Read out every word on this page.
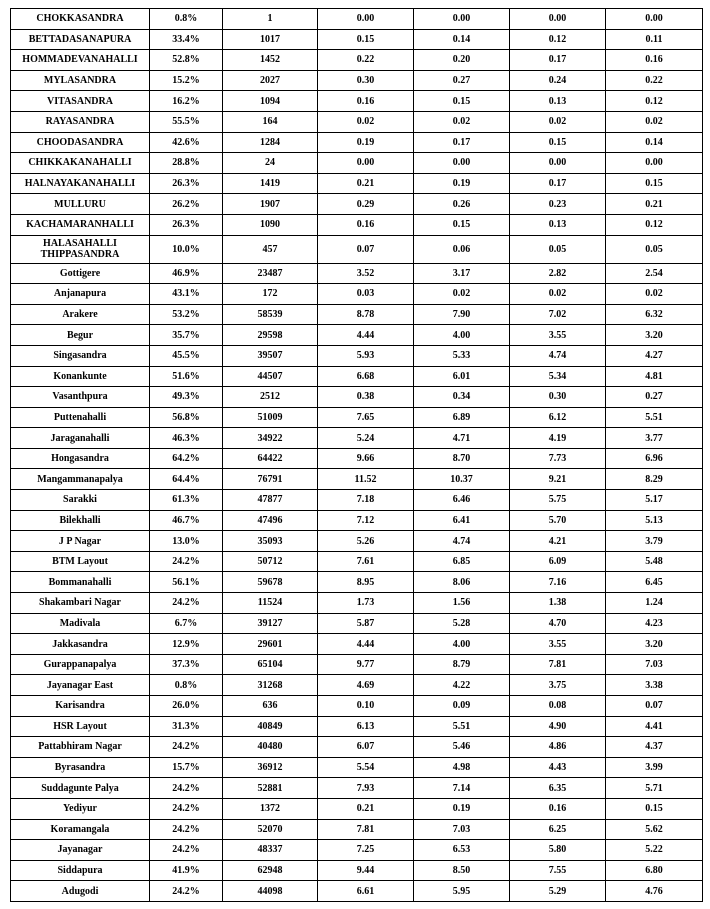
CHOKKASANDRA	0.8%	1	0.00	0.00	0.00	0.00
BETTADASANAPURA	33.4%	1017	0.15	0.14	0.12	0.11
HOMMADEVANAHALLI	52.8%	1452	0.22	0.20	0.17	0.16
MYLASANDRA	15.2%	2027	0.30	0.27	0.24	0.22
VITASANDRA	16.2%	1094	0.16	0.15	0.13	0.12
RAYASANDRA	55.5%	164	0.02	0.02	0.02	0.02
CHOODASANDRA	42.6%	1284	0.19	0.17	0.15	0.14
CHIKKAKANAHALLI	28.8%	24	0.00	0.00	0.00	0.00
HALNAYAKANAHALLI	26.3%	1419	0.21	0.19	0.17	0.15
MULLURU	26.2%	1907	0.29	0.26	0.23	0.21
KACHAMARANHALLI	26.3%	1090	0.16	0.15	0.13	0.12
HALASAHALLI THIPPASANDRA	10.0%	457	0.07	0.06	0.05	0.05
Gottigere	46.9%	23487	3.52	3.17	2.82	2.54
Anjanapura	43.1%	172	0.03	0.02	0.02	0.02
Arakere	53.2%	58539	8.78	7.90	7.02	6.32
Begur	35.7%	29598	4.44	4.00	3.55	3.20
Singasandra	45.5%	39507	5.93	5.33	4.74	4.27
Konankunte	51.6%	44507	6.68	6.01	5.34	4.81
Vasanthpura	49.3%	2512	0.38	0.34	0.30	0.27
Puttenahalli	56.8%	51009	7.65	6.89	6.12	5.51
Jaraganahalli	46.3%	34922	5.24	4.71	4.19	3.77
Hongasandra	64.2%	64422	9.66	8.70	7.73	6.96
Mangammanapalya	64.4%	76791	11.52	10.37	9.21	8.29
Sarakki	61.3%	47877	7.18	6.46	5.75	5.17
Bilekhalli	46.7%	47496	7.12	6.41	5.70	5.13
J P Nagar	13.0%	35093	5.26	4.74	4.21	3.79
BTM Layout	24.2%	50712	7.61	6.85	6.09	5.48
Bommanahalli	56.1%	59678	8.95	8.06	7.16	6.45
Shakambari Nagar	24.2%	11524	1.73	1.56	1.38	1.24
Madivala	6.7%	39127	5.87	5.28	4.70	4.23
Jakkasandra	12.9%	29601	4.44	4.00	3.55	3.20
Gurappanapalya	37.3%	65104	9.77	8.79	7.81	7.03
Jayanagar East	0.8%	31268	4.69	4.22	3.75	3.38
Karisandra	26.0%	636	0.10	0.09	0.08	0.07
HSR Layout	31.3%	40849	6.13	5.51	4.90	4.41
Pattabhiram Nagar	24.2%	40480	6.07	5.46	4.86	4.37
Byrasandra	15.7%	36912	5.54	4.98	4.43	3.99
Suddagunte Palya	24.2%	52881	7.93	7.14	6.35	5.71
Yediyur	24.2%	1372	0.21	0.19	0.16	0.15
Koramangala	24.2%	52070	7.81	7.03	6.25	5.62
Jayanagar	24.2%	48337	7.25	6.53	5.80	5.22
Siddapura	41.9%	62948	9.44	8.50	7.55	6.80
Adugodi	24.2%	44098	6.61	5.95	5.29	4.76
